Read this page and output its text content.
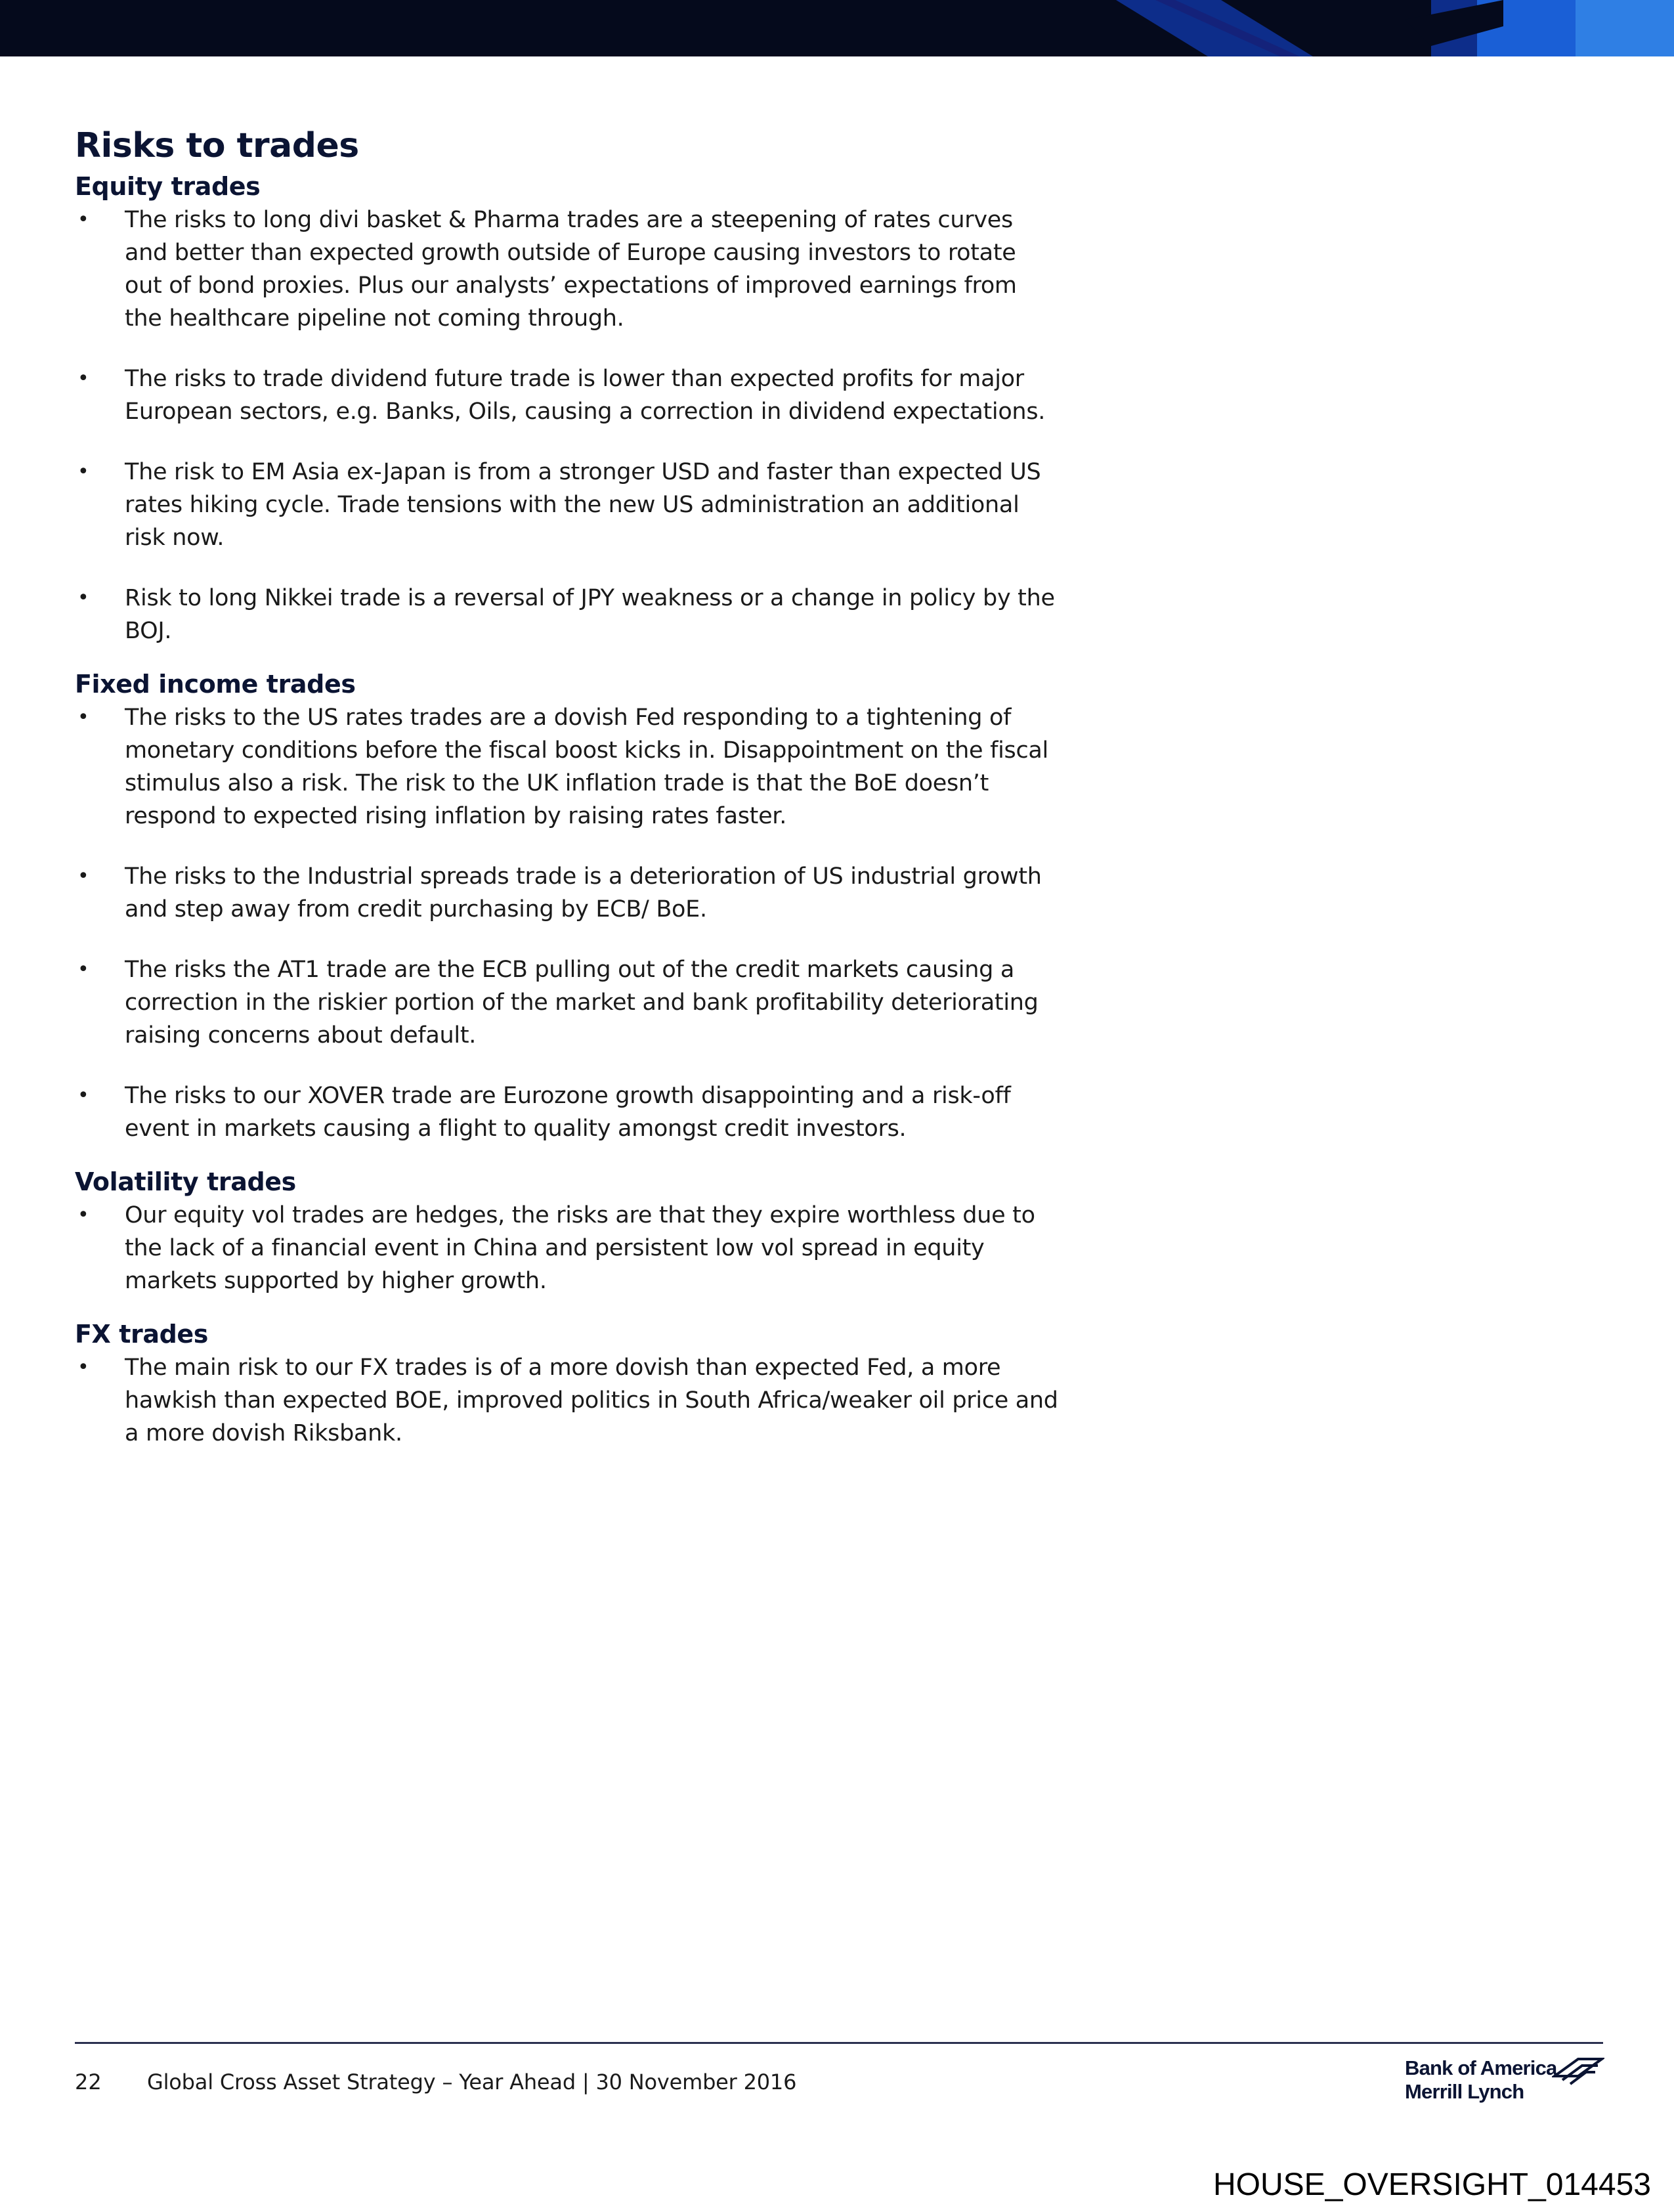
Risks to trades
Equity trades
• The risks to long divi basket & Pharma trades are a steepening of rates curves and better than expected growth outside of Europe causing investors to rotate out of bond proxies. Plus our analysts’ expectations of improved earnings from the healthcare pipeline not coming through.
• The risks to trade dividend future trade is lower than expected profits for major European sectors, e.g. Banks, Oils, causing a correction in dividend expectations.
• The risk to EM Asia ex-Japan is from a stronger USD and faster than expected US rates hiking cycle. Trade tensions with the new US administration an additional risk now.
• Risk to long Nikkei trade is a reversal of JPY weakness or a change in policy by the BOJ.
Fixed income trades
• The risks to the US rates trades are a dovish Fed responding to a tightening of monetary conditions before the fiscal boost kicks in. Disappointment on the fiscal stimulus also a risk. The risk to the UK inflation trade is that the BoE doesn’t respond to expected rising inflation by raising rates faster.
• The risks to the Industrial spreads trade is a deterioration of US industrial growth and step away from credit purchasing by ECB/ BoE.
• The risks the AT1 trade are the ECB pulling out of the credit markets causing a correction in the riskier portion of the market and bank profitability deteriorating raising concerns about default.
• The risks to our XOVER trade are Eurozone growth disappointing and a risk-off event in markets causing a flight to quality amongst credit investors.
Volatility trades
• Our equity vol trades are hedges, the risks are that they expire worthless due to the lack of a financial event in China and persistent low vol spread in equity markets supported by higher growth.
FX trades
• The main risk to our FX trades is of a more dovish than expected Fed, a more hawkish than expected BOE, improved politics in South Africa/weaker oil price and a more dovish Riksbank.
22 Global Cross Asset Strategy – Year Ahead | 30 November 2016
Bank of America
Merrill Lynch
HOUSE_OVERSIGHT_014453
